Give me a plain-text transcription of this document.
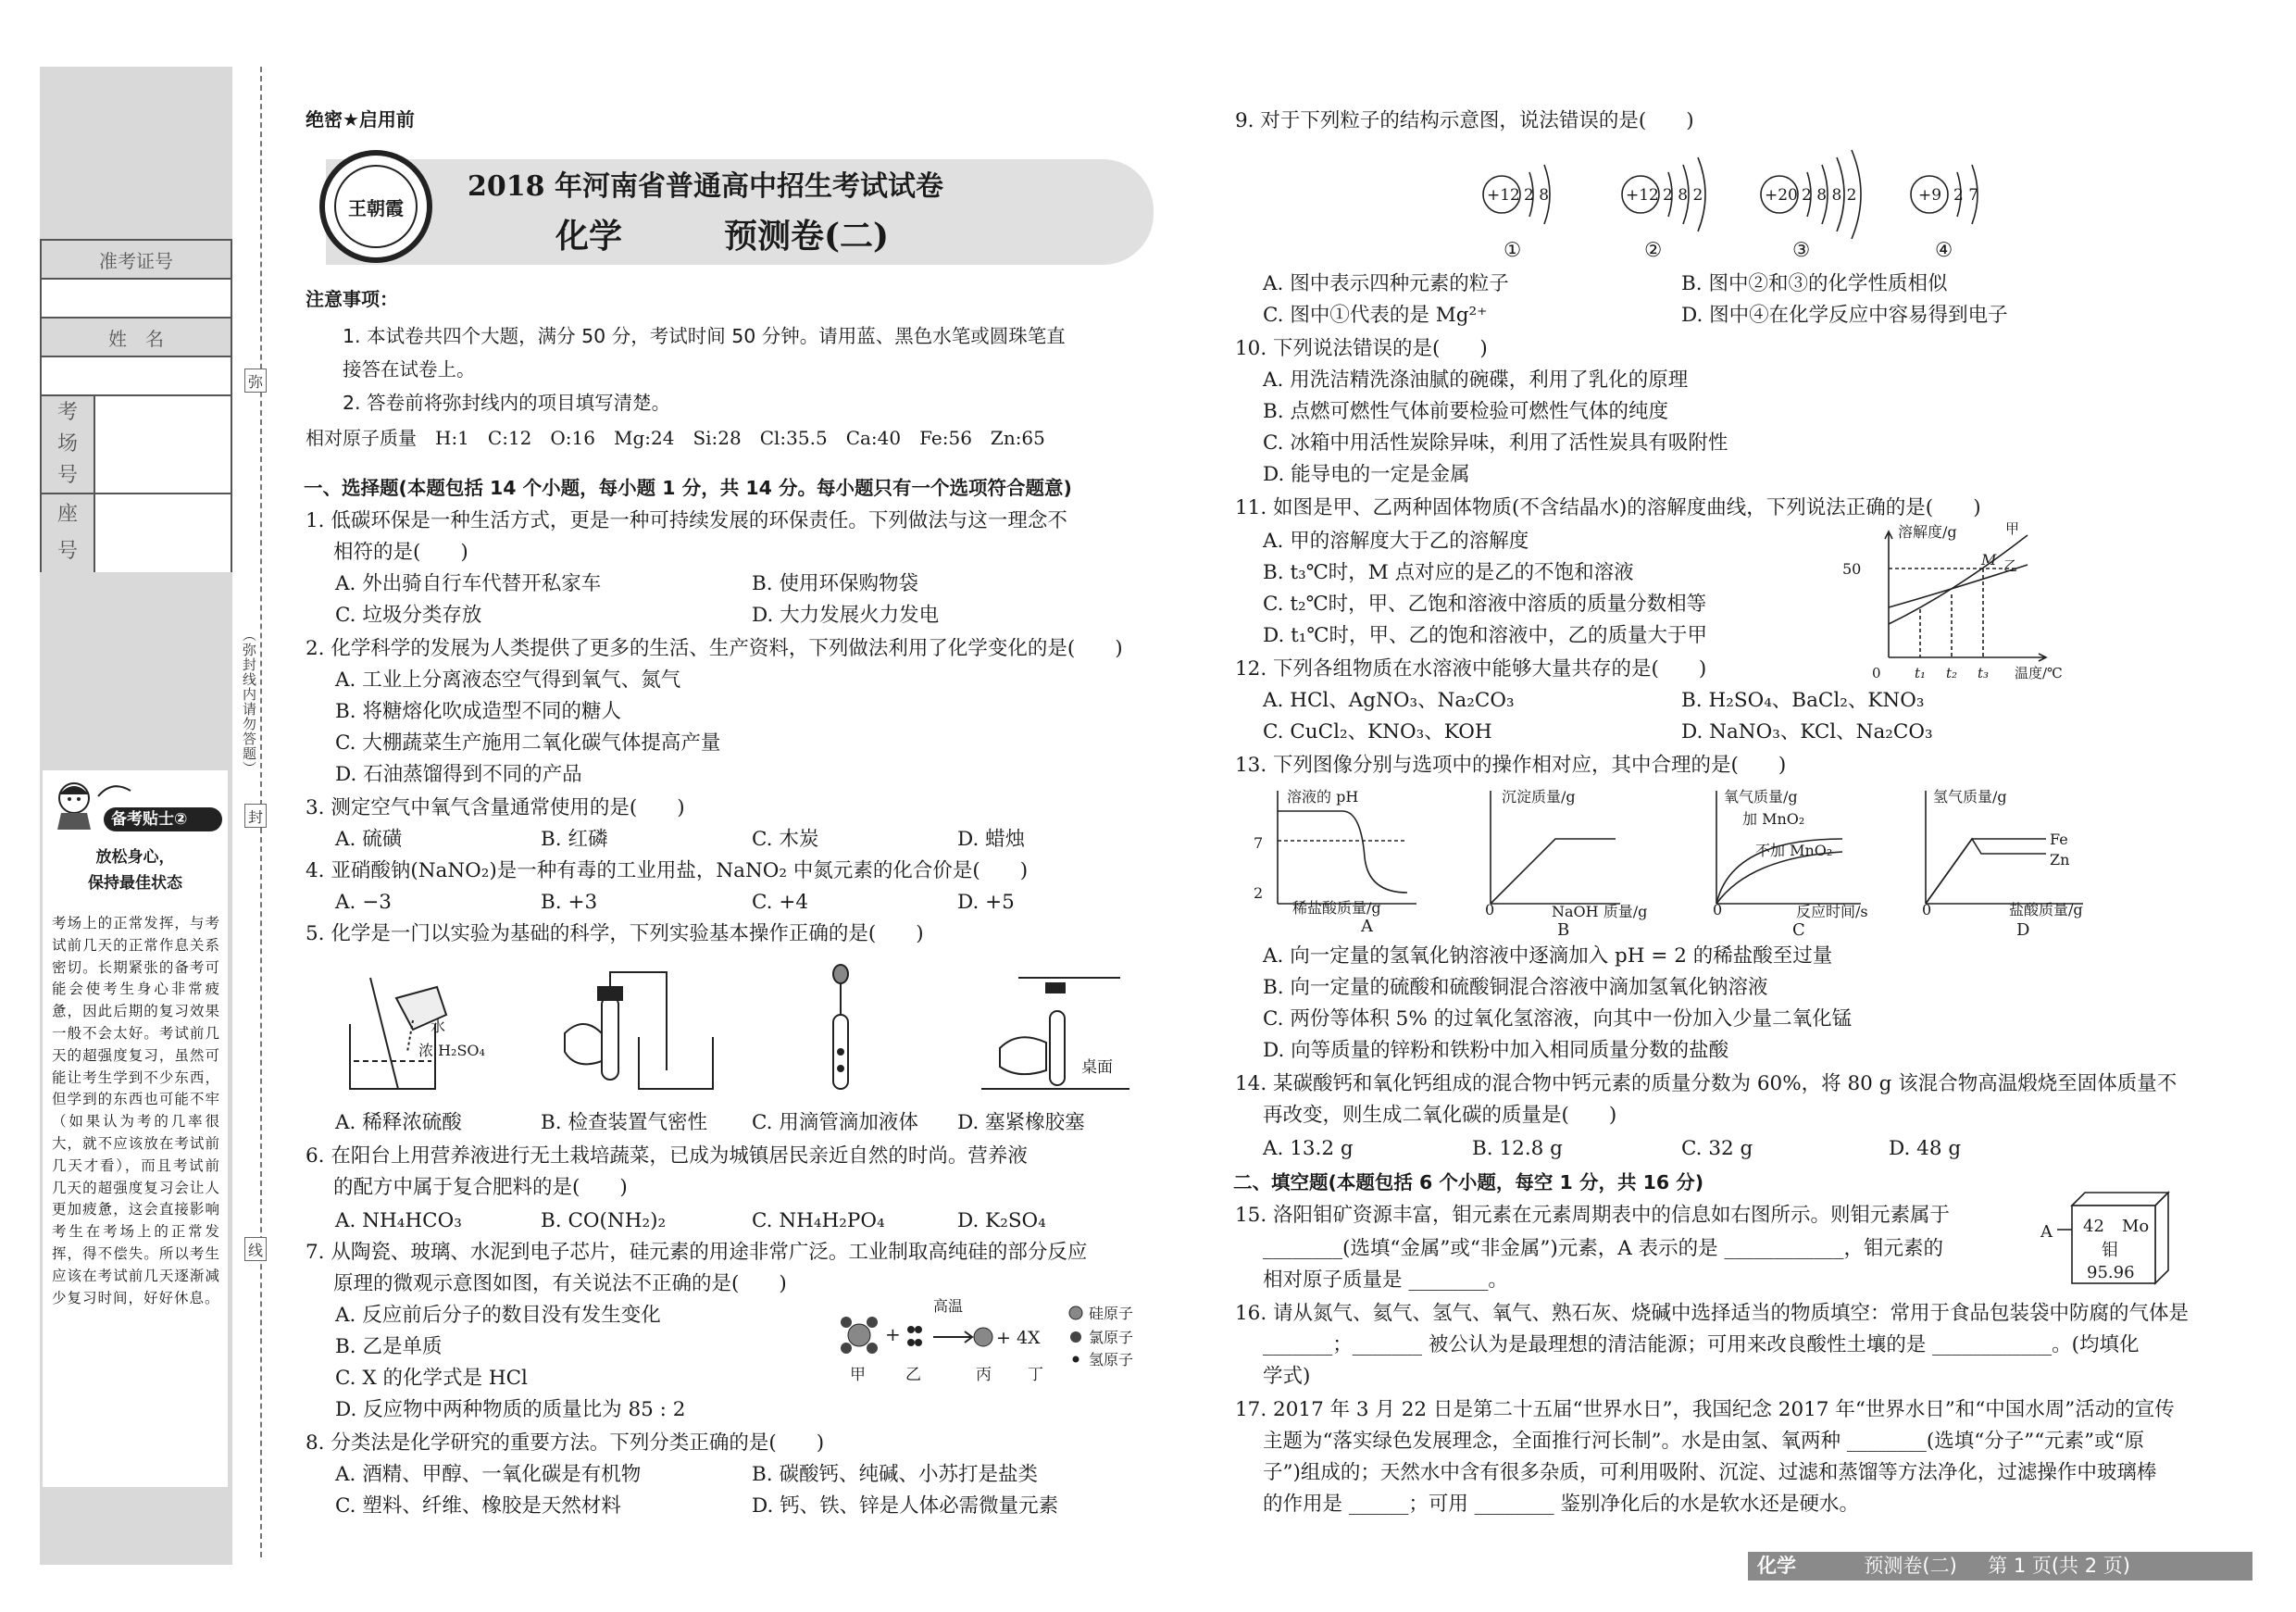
准考证号
姓　名
考
场
号
座
号
弥
封
线
（弥封线内请勿答题）
备考贴士②
放松身心，
保持最佳状态
考场上的正常发挥，与考试前几天的正常作息关系密切。长期紧张的备考可能会使考生身心非常疲惫，因此后期的复习效果一般不会太好。考试前几天的超强度复习，虽然可能让考生学到不少东西，但学到的东西也可能不牢（如果认为考的几率很大，就不应该放在考试前几天才看），而且考试前几天的超强度复习会让人更加疲惫，这会直接影响考生在考场上的正常发挥，得不偿失。所以考生应该在考试前几天逐渐减少复习时间，好好休息。
绝密★启用前
王朝霞
2018 年河南省普通高中招生考试试卷
化学	预测卷(二)
注意事项：
1. 本试卷共四个大题，满分 50 分，考试时间 50 分钟。请用蓝、黑色水笔或圆珠笔直
接答在试卷上。
2. 答卷前将弥封线内的项目填写清楚。
相对原子质量　H:1　C:12　O:16　Mg:24　Si:28　Cl:35.5　Ca:40　Fe:56　Zn:65
一、选择题(本题包括 14 个小题，每小题 1 分，共 14 分。每小题只有一个选项符合题意)
1. 低碳环保是一种生活方式，更是一种可持续发展的环保责任。下列做法与这一理念不
相符的是(　　)
A. 外出骑自行车代替开私家车	B. 使用环保购物袋
C. 垃圾分类存放	D. 大力发展火力发电
2. 化学科学的发展为人类提供了更多的生活、生产资料，下列做法利用了化学变化的是(　　)
A. 工业上分离液态空气得到氧气、氮气
B. 将糖熔化吹成造型不同的糖人
C. 大棚蔬菜生产施用二氧化碳气体提高产量
D. 石油蒸馏得到不同的产品
3. 测定空气中氧气含量通常使用的是(　　)
A. 硫磺	B. 红磷	C. 木炭	D. 蜡烛
4. 亚硝酸钠(NaNO₂)是一种有毒的工业用盐，NaNO₂ 中氮元素的化合价是(　　)
A. −3	B. +3	C. +4	D. +5
5. 化学是一门以实验为基础的科学，下列实验基本操作正确的是(　　)
水
浓 H₂SO₄
桌面
A. 稀释浓硫酸	B. 检查装置气密性 C. 用滴管滴加液体 D. 塞紧橡胶塞
6. 在阳台上用营养液进行无土栽培蔬菜，已成为城镇居民亲近自然的时尚。营养液
的配方中属于复合肥料的是(　　)
A. NH₄HCO₃	B. CO(NH₂)₂	C. NH₄H₂PO₄	D. K₂SO₄
7. 从陶瓷、玻璃、水泥到电子芯片，硅元素的用途非常广泛。工业制取高纯硅的部分反应
原理的微观示意图如图，有关说法不正确的是(　　)
A. 反应前后分子的数目没有发生变化
B. 乙是单质
C. X 的化学式是 HCl
D. 反应物中两种物质的质量比为 85 : 2
+
高温
+ 4X
甲	乙	丙 丁
硅原子
氯原子
氢原子
8. 分类法是化学研究的重要方法。下列分类正确的是(　　)
A. 酒精、甲醇、一氧化碳是有机物	B. 碳酸钙、纯碱、小苏打是盐类
C. 塑料、纤维、橡胶是天然材料	D. 钙、铁、锌是人体必需微量元素
9. 对于下列粒子的结构示意图，说法错误的是(　　)
+12 2 8	+12 2 8 2	+20 2 8 8 2	+9 2 7
①	②	③	④
A. 图中表示四种元素的粒子	B. 图中②和③的化学性质相似
C. 图中①代表的是 Mg²⁺	D. 图中④在化学反应中容易得到电子
10. 下列说法错误的是(　　)
A. 用洗洁精洗涤油腻的碗碟，利用了乳化的原理
B. 点燃可燃性气体前要检验可燃性气体的纯度
C. 冰箱中用活性炭除异味，利用了活性炭具有吸附性
D. 能导电的一定是金属
11. 如图是甲、乙两种固体物质(不含结晶水)的溶解度曲线，下列说法正确的是(　　)
A. 甲的溶解度大于乙的溶解度
B. t₃℃时，M 点对应的是乙的不饱和溶液
C. t₂℃时，甲、乙饱和溶液中溶质的质量分数相等
D. t₁℃时，甲、乙的饱和溶液中，乙的质量大于甲
溶解度/g
50
甲
乙
M
0 t₁ t₂ t₃ 温度/℃
12. 下列各组物质在水溶液中能够大量共存的是(　　)
A. HCl、AgNO₃、Na₂CO₃	B. H₂SO₄、BaCl₂、KNO₃
C. CuCl₂、KNO₃、KOH	D. NaNO₃、KCl、Na₂CO₃
13. 下列图像分别与选项中的操作相对应，其中合理的是(　　)
溶液的 pH
7
2
稀盐酸质量/g
A
沉淀质量/g
0	NaOH 质量/g
B
氧气质量/g
加 MnO₂
不加 MnO₂
0	反应时间/s
C
氢气质量/g
Fe
Zn
0	盐酸质量/g
D
A. 向一定量的氢氧化钠溶液中逐滴加入 pH = 2 的稀盐酸至过量
B. 向一定量的硫酸和硫酸铜混合溶液中滴加氢氧化钠溶液
C. 两份等体积 5% 的过氧化氢溶液，向其中一份加入少量二氧化锰
D. 向等质量的锌粉和铁粉中加入相同质量分数的盐酸
14. 某碳酸钙和氧化钙组成的混合物中钙元素的质量分数为 60%，将 80 g 该混合物高温煅烧至固体质量不
再改变，则生成二氧化碳的质量是(　　)
A. 13.2 g	B. 12.8 g	C. 32 g	D. 48 g
二、填空题(本题包括 6 个小题，每空 1 分，共 16 分)
15. 洛阳钼矿资源丰富，钼元素在元素周期表中的信息如右图所示。则钼元素属于
________(选填“金属”或“非金属”)元素，A 表示的是 ____________，钼元素的
相对原子质量是 ________。
A 42 Mo
钼
95.96
16. 请从氮气、氦气、氢气、氧气、熟石灰、烧碱中选择适当的物质填空：常用于食品包装袋中防腐的气体是
_______；_______ 被公认为是最理想的清洁能源；可用来改良酸性土壤的是 ____________。(均填化
学式)
17. 2017 年 3 月 22 日是第二十五届“世界水日”，我国纪念 2017 年“世界水日”和“中国水周”活动的宣传
主题为“落实绿色发展理念，全面推行河长制”。水是由氢、氧两种 ________(选填“分子”“元素”或“原
子”)组成的；天然水中含有很多杂质，可利用吸附、沉淀、过滤和蒸馏等方法净化，过滤操作中玻璃棒
的作用是 ______；可用 ________ 鉴别净化后的水是软水还是硬水。
化学	预测卷(二) 第 1 页(共 2 页)
